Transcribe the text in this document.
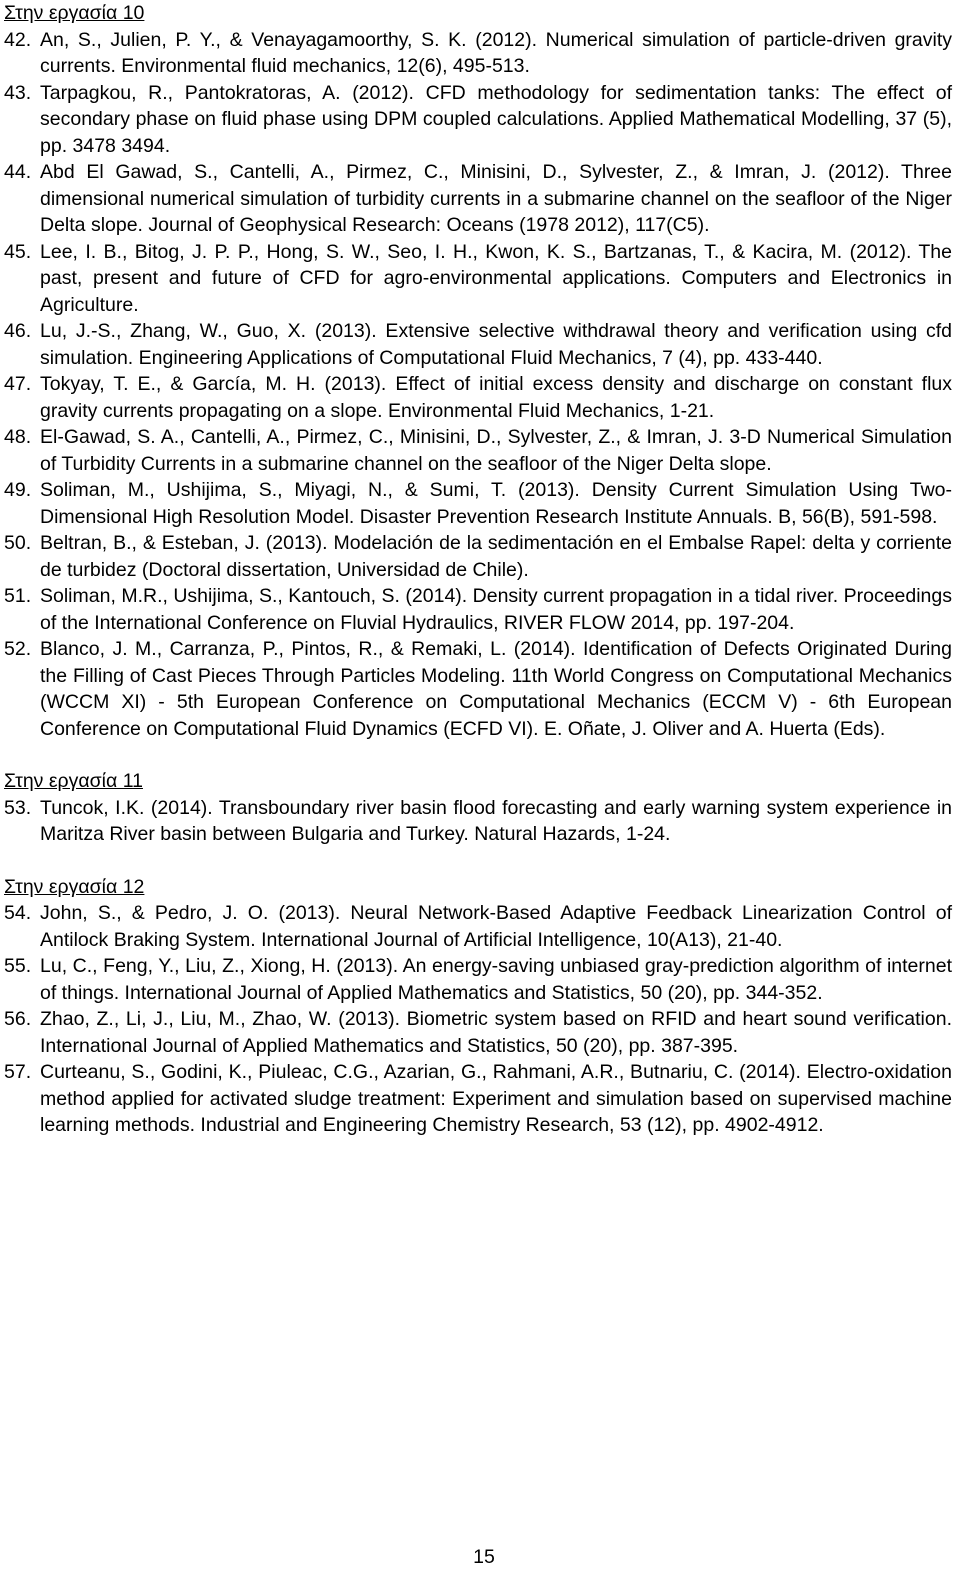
Στην εργασία 10
42. An, S., Julien, P. Y., & Venayagamoorthy, S. K. (2012). Numerical simulation of particle-driven gravity currents. Environmental fluid mechanics, 12(6), 495-513.
43. Tarpagkou, R., Pantokratoras, A. (2012). CFD methodology for sedimentation tanks: The effect of secondary phase on fluid phase using DPM coupled calculations. Applied Mathematical Modelling, 37 (5), pp. 3478 3494.
44. Abd El Gawad, S., Cantelli, A., Pirmez, C., Minisini, D., Sylvester, Z., & Imran, J. (2012). Three dimensional numerical simulation of turbidity currents in a submarine channel on the seafloor of the Niger Delta slope. Journal of Geophysical Research: Oceans (1978 2012), 117(C5).
45. Lee, I. B., Bitog, J. P. P., Hong, S. W., Seo, I. H., Kwon, K. S., Bartzanas, T., & Kacira, M. (2012). The past, present and future of CFD for agro-environmental applications. Computers and Electronics in Agriculture.
46. Lu, J.-S., Zhang, W., Guo, X. (2013). Extensive selective withdrawal theory and verification using cfd simulation. Engineering Applications of Computational Fluid Mechanics, 7 (4), pp. 433-440.
47. Tokyay, T. E., & García, M. H. (2013). Effect of initial excess density and discharge on constant flux gravity currents propagating on a slope. Environmental Fluid Mechanics, 1-21.
48. El-Gawad, S. A., Cantelli, A., Pirmez, C., Minisini, D., Sylvester, Z., & Imran, J. 3-D Numerical Simulation of Turbidity Currents in a submarine channel on the seafloor of the Niger Delta slope.
49. Soliman, M., Ushijima, S., Miyagi, N., & Sumi, T. (2013). Density Current Simulation Using Two-Dimensional High Resolution Model. Disaster Prevention Research Institute Annuals. B, 56(B), 591-598.
50. Beltran, B., & Esteban, J. (2013). Modelación de la sedimentación en el Embalse Rapel: delta y corriente de turbidez (Doctoral dissertation, Universidad de Chile).
51. Soliman, M.R., Ushijima, S., Kantouch, S. (2014). Density current propagation in a tidal river. Proceedings of the International Conference on Fluvial Hydraulics, RIVER FLOW 2014, pp. 197-204.
52. Blanco, J. M., Carranza, P., Pintos, R., & Remaki, L. (2014). Identification of Defects Originated During the Filling of Cast Pieces Through Particles Modeling. 11th World Congress on Computational Mechanics (WCCM XI) - 5th European Conference on Computational Mechanics (ECCM V) - 6th European Conference on Computational Fluid Dynamics (ECFD VI). E. Oñate, J. Oliver and A. Huerta (Eds).
Στην εργασία 11
53. Tuncok, I.K. (2014). Transboundary river basin flood forecasting and early warning system experience in Maritza River basin between Bulgaria and Turkey. Natural Hazards, 1-24.
Στην εργασία 12
54. John, S., & Pedro, J. O. (2013). Neural Network-Based Adaptive Feedback Linearization Control of Antilock Braking System. International Journal of Artificial Intelligence, 10(A13), 21-40.
55. Lu, C., Feng, Y., Liu, Z., Xiong, H. (2013). An energy-saving unbiased gray-prediction algorithm of internet of things. International Journal of Applied Mathematics and Statistics, 50 (20), pp. 344-352.
56. Zhao, Z., Li, J., Liu, M., Zhao, W. (2013). Biometric system based on RFID and heart sound verification. International Journal of Applied Mathematics and Statistics, 50 (20), pp. 387-395.
57. Curteanu, S., Godini, K., Piuleac, C.G., Azarian, G., Rahmani, A.R., Butnariu, C. (2014). Electro-oxidation method applied for activated sludge treatment: Experiment and simulation based on supervised machine learning methods. Industrial and Engineering Chemistry Research, 53 (12), pp. 4902-4912.
15
